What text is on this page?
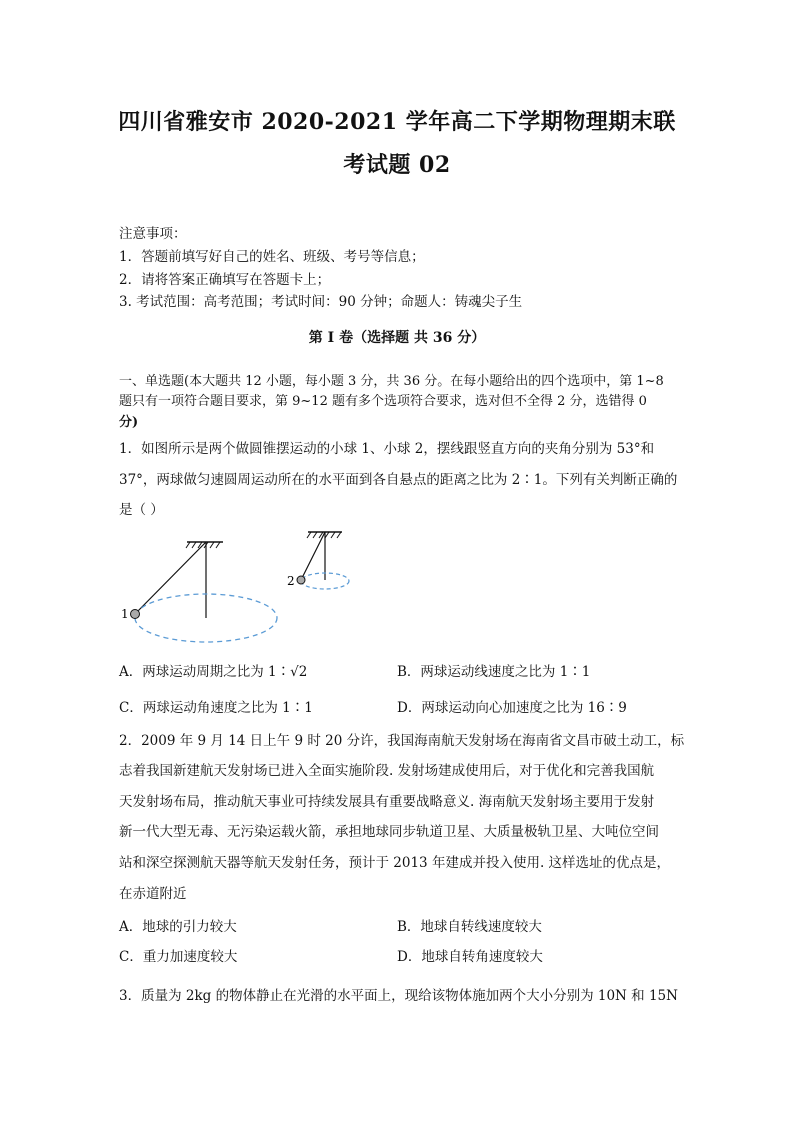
四川省雅安市 2020-2021 学年高二下学期物理期末联
考试题 02
注意事项：
1．答题前填写好自己的姓名、班级、考号等信息；
2．请将答案正确填写在答题卡上；
3. 考试范围：高考范围；考试时间：90 分钟；命题人：铸魂尖子生
第 I 卷（选择题 共 36 分）
一、单选题(本大题共 12 小题，每小题 3 分，共 36 分。在每小题给出的四个选项中，第 1~8
题只有一项符合题目要求，第 9~12 题有多个选项符合要求，选对但不全得 2 分，选错得 0
分)
1．如图所示是两个做圆锥摆运动的小球 1、小球 2，摆线跟竖直方向的夹角分别为 53°和
37°，两球做匀速圆周运动所在的水平面到各自悬点的距离之比为 2∶1。下列有关判断正确的
是（ ）
1
2
A．两球运动周期之比为 1∶√2	B．两球运动线速度之比为 1∶1
C．两球运动角速度之比为 1∶1	D．两球运动向心加速度之比为 16∶9
2．2009 年 9 月 14 日上午 9 时 20 分许，我国海南航天发射场在海南省文昌市破土动工，标
志着我国新建航天发射场已进入全面实施阶段. 发射场建成使用后，对于优化和完善我国航
天发射场布局，推动航天事业可持续发展具有重要战略意义. 海南航天发射场主要用于发射
新一代大型无毒、无污染运载火箭，承担地球同步轨道卫星、大质量极轨卫星、大吨位空间
站和深空探测航天器等航天发射任务，预计于 2013 年建成并投入使用. 这样选址的优点是，
在赤道附近
A．地球的引力较大	B．地球自转线速度较大
C．重力加速度较大	D．地球自转角速度较大
3．质量为 2kg 的物体静止在光滑的水平面上，现给该物体施加两个大小分别为 10N 和 15N
